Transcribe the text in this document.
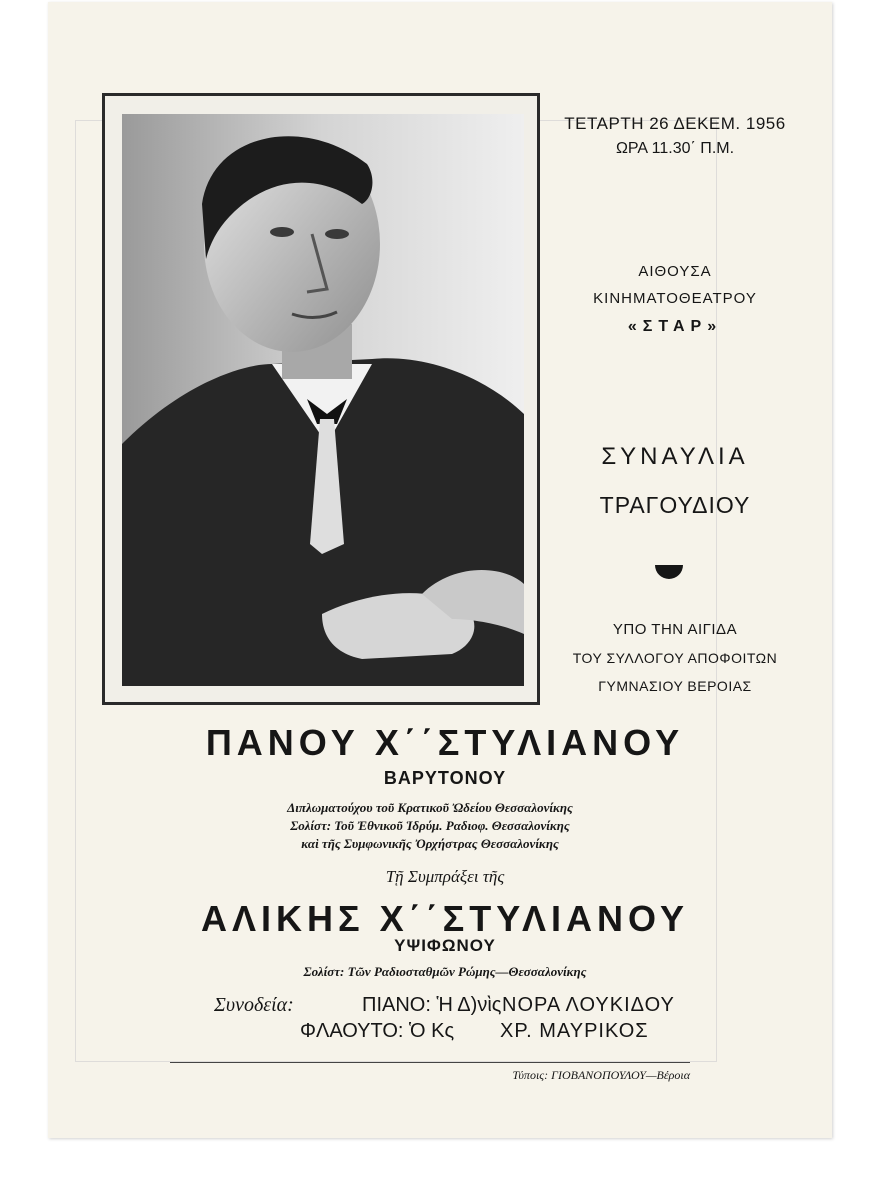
ΤΕΤΑΡΤΗ 26 ΔΕΚΕΜ. 1956
ΩΡΑ 11.30΄ Π.Μ.
ΑΙΘΟΥΣΑ
ΚΙΝΗΜΑΤΟΘΕΑΤΡΟΥ
«ΣΤΑΡ»
ΣΥΝΑΥΛΙΑ
ΤΡΑΓΟΥΔΙΟΥ
ΥΠΟ ΤΗΝ ΑΙΓΙΔΑ
ΤΟΥ ΣΥΛΛΟΓΟΥ ΑΠΟΦΟΙΤΩΝ
ΓΥΜΝΑΣΙΟΥ ΒΕΡΟΙΑΣ
ΠΑΝΟΥ Χ΄΄ΣΤΥΛΙΑΝΟΥ
ΒΑΡΥΤΟΝΟΥ
Διπλωματούχου τοῦ Κρατικοῦ Ὠδείου Θεσσαλονίκης
Σολίστ: Τοῦ Ἐθνικοῦ Ἱδρύμ. Ραδιοφ. Θεσσαλονίκης
καὶ τῆς Συμφωνικῆς Ὀρχήστρας Θεσσαλονίκης
Τῇ Συμπράξει τῆς
ΑΛΙΚΗΣ Χ΄΄ΣΤΥΛΙΑΝΟΥ
ΥΨΙΦΩΝΟΥ
Σολίστ: Τῶν Ραδιοσταθμῶν Ρώμης—Θεσσαλονίκης
Συνοδεία:	ΠΙΑΝΟ: Ἡ Δ)νὶς ΝΟΡΑ ΛΟΥΚΙΔΟΥ
ΦΛΑΟΥΤΟ: Ὁ Κς ΧΡ. ΜΑΥΡΙΚΟΣ
Τύποις: ΓΙΟΒΑΝΟΠΟΥΛΟΥ—Βέροια
